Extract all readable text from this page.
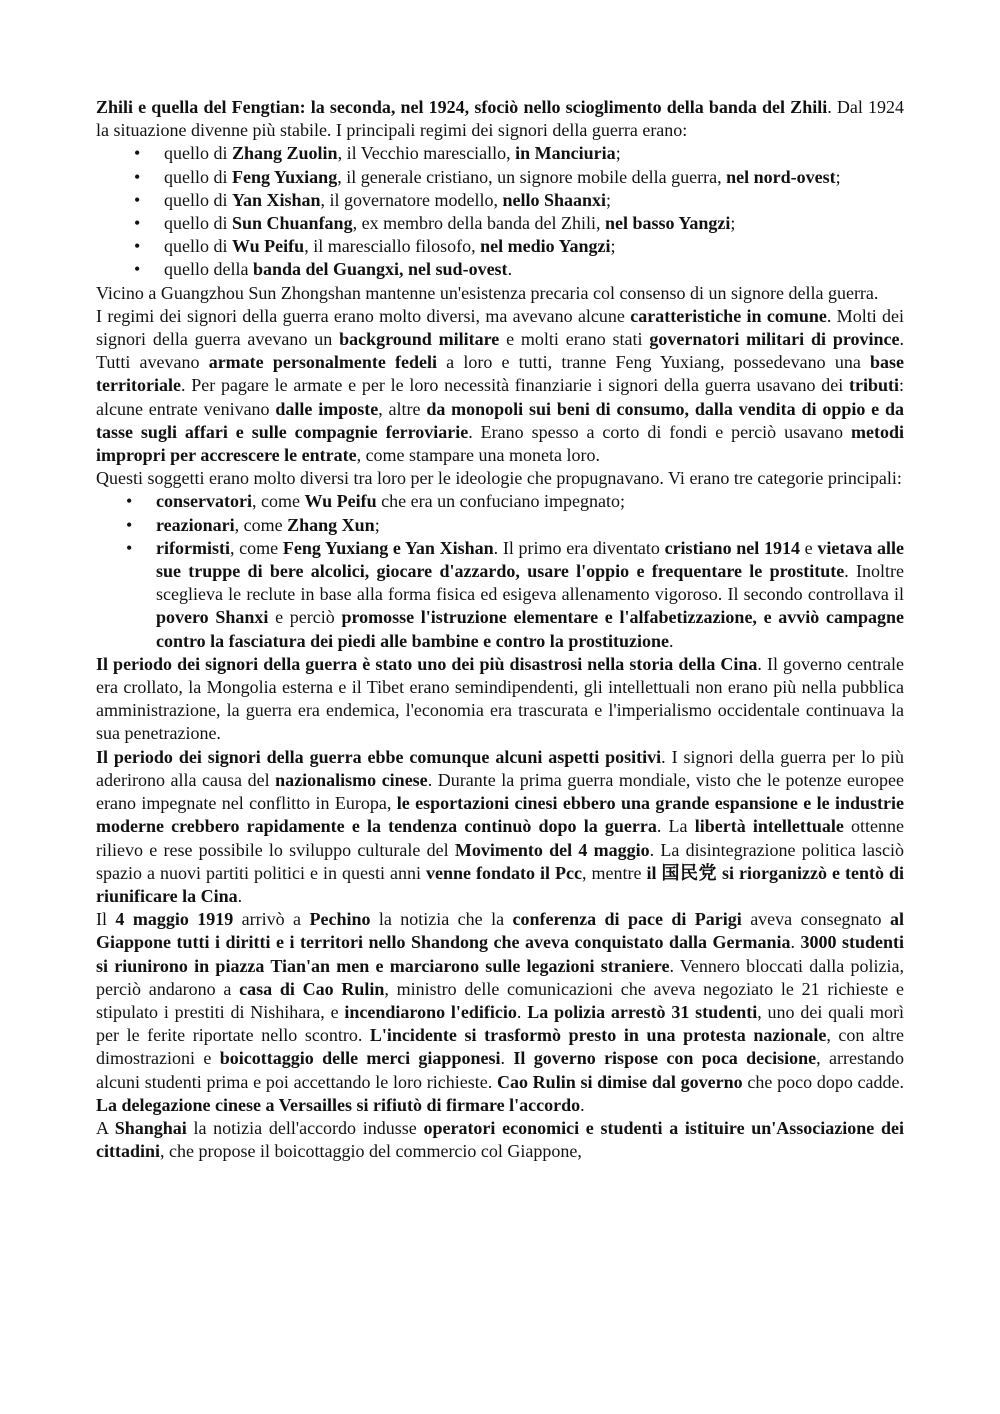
Zhili e quella del Fengtian: la seconda, nel 1924, sfociò nello scioglimento della banda del Zhili. Dal 1924 la situazione divenne più stabile. I principali regimi dei signori della guerra erano:

• quello di Zhang Zuolin, il Vecchio maresciallo, in Manciuria;
• quello di Feng Yuxiang, il generale cristiano, un signore mobile della guerra, nel nord-ovest;
• quello di Yan Xishan, il governatore modello, nello Shaanxi;
• quello di Sun Chuanfang, ex membro della banda del Zhili, nel basso Yangzi;
• quello di Wu Peifu, il maresciallo filosofo, nel medio Yangzi;
• quello della banda del Guangxi, nel sud-ovest.

Vicino a Guangzhou Sun Zhongshan mantenne un'esistenza precaria col consenso di un signore della guerra.

I regimi dei signori della guerra erano molto diversi, ma avevano alcune caratteristiche in comune. Molti dei signori della guerra avevano un background militare e molti erano stati governatori militari di province. Tutti avevano armate personalmente fedeli a loro e tutti, tranne Feng Yuxiang, possedevano una base territoriale. Per pagare le armate e per le loro necessità finanziarie i signori della guerra usavano dei tributi: alcune entrate venivano dalle imposte, altre da monopoli sui beni di consumo, dalla vendita di oppio e da tasse sugli affari e sulle compagnie ferroviarie. Erano spesso a corto di fondi e perciò usavano metodi impropri per accrescere le entrate, come stampare una moneta loro.

Questi soggetti erano molto diversi tra loro per le ideologie che propugnavano. Vi erano tre categorie principali:

• conservatori, come Wu Peifu che era un confuciano impegnato;
• reazionari, come Zhang Xun;
• riformisti, come Feng Yuxiang e Yan Xishan. Il primo era diventato cristiano nel 1914 e vietava alle sue truppe di bere alcolici, giocare d'azzardo, usare l'oppio e frequentare le prostitute. Inoltre sceglieva le reclute in base alla forma fisica ed esigeva allenamento vigoroso. Il secondo controllava il povero Shanxi e perciò promosse l'istruzione elementare e l'alfabetizzazione, e avviò campagne contro la fasciatura dei piedi alle bambine e contro la prostituzione.

Il periodo dei signori della guerra è stato uno dei più disastrosi nella storia della Cina. Il governo centrale era crollato, la Mongolia esterna e il Tibet erano semindipendenti, gli intellettuali non erano più nella pubblica amministrazione, la guerra era endemica, l'economia era trascurata e l'imperialismo occidentale continuava la sua penetrazione.

Il periodo dei signori della guerra ebbe comunque alcuni aspetti positivi. I signori della guerra per lo più aderirono alla causa del nazionalismo cinese. Durante la prima guerra mondiale, visto che le potenze europee erano impegnate nel conflitto in Europa, le esportazioni cinesi ebbero una grande espansione e le industrie moderne crebbero rapidamente e la tendenza continuò dopo la guerra. La libertà intellettuale ottenne rilievo e rese possibile lo sviluppo culturale del Movimento del 4 maggio. La disintegrazione politica lasciò spazio a nuovi partiti politici e in questi anni venne fondato il Pcc, mentre il 国民党 si riorganizzò e tentò di riunificare la Cina.

Il 4 maggio 1919 arrivò a Pechino la notizia che la conferenza di pace di Parigi aveva consegnato al Giappone tutti i diritti e i territori nello Shandong che aveva conquistato dalla Germania. 3000 studenti si riunirono in piazza Tian'an men e marciarono sulle legazioni straniere. Vennero bloccati dalla polizia, perciò andarono a casa di Cao Rulin, ministro delle comunicazioni che aveva negoziato le 21 richieste e stipulato i prestiti di Nishihara, e incendiarono l'edificio. La polizia arrestò 31 studenti, uno dei quali morì per le ferite riportate nello scontro. L'incidente si trasformò presto in una protesta nazionale, con altre dimostrazioni e boicottaggio delle merci giapponesi. Il governo rispose con poca decisione, arrestando alcuni studenti prima e poi accettando le loro richieste. Cao Rulin si dimise dal governo che poco dopo cadde. La delegazione cinese a Versailles si rifiutò di firmare l'accordo.

A Shanghai la notizia dell'accordo indusse operatori economici e studenti a istituire un'Associazione dei cittadini, che propose il boicottaggio del commercio col Giappone,
